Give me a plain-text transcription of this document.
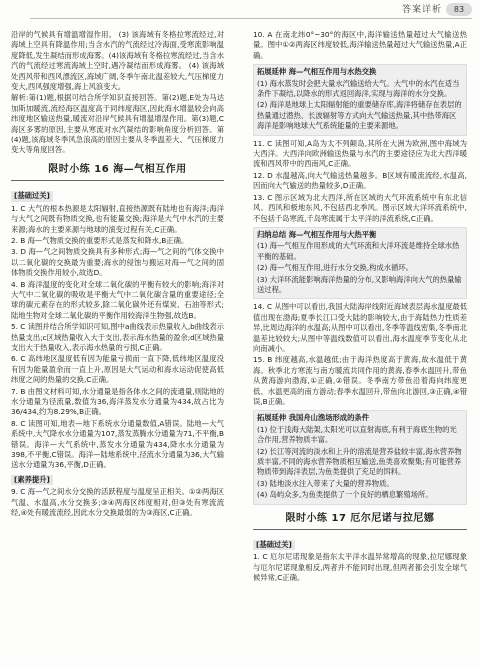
答案详析	83

沿岸的气候具有增温增湿作用。 (3) 该海域有冬格拉寒流经过,对海域上空具有降温作用;当含水汽的气流经过冷海面,受寒流影响温度降低,发生凝结而形成海雾。(4)该海域有冬格拉寒流经过,当含水汽的气流经过寒流海域上空时,遇冷凝结而形成海雾。 (4) 该海域处西风带和西风漂流区,海域广阔,冬季午南北温差较大,气压梯度力变大,西风强度增强,海上风浪变大。

解析:第(1)题,根据可结合所学知识直接回答。第(2)题,E处为马达加斯加暖流,流经海区温度高于同纬度海区,因此海水增温较会向高纬度地区输送热量,暖流对沿岸气候具有增温增湿作用。第(3)题,C海区多雾的原因,主要从寒流对水汽凝结的影响角度分析回答。第(4)题,该海域冬季风急浪高的原因主要从冬季温差大、气压梯度力变大等角度回答。

限时小练 16 海—气相互作用
[基础过关]

1. C 大气的根本热源是太阳辐射,直接热源既有陆地也有海洋;海洋与大气之间既有物质交换,也有能量交换;海洋是大气中水汽的主要来源;海水的主要来源与地球的演变过程有关,C正确。

2. B 海—气物质交换的重要形式是蒸发和降水,B正确。

3. D 海—气之间物质交换具有多种形式;海—气之间的气体交换中以二氧化碳的交换最为重要;海水的侵蚀与搬运对海—气之间的固体物质交换作用较小,故选D。

4. B 海洋温度的变化对全球二氧化碳的平衡有较大的影响;海洋对大气中二氧化碳的吸收是平衡大气中二氧化碳含量的重要途径;全球的碳元素存在的形式较多,除二氧化碳外还有煤炭、石油等形式;陆地生物对全球二氧化碳的平衡作用较海洋生物强,故选B。

5. C 读图并结合所学知识可知,图中a曲线表示热量收入,b曲线表示热量支出;c区域热量收入大于支出,表示海水热量的盈余;d区域热量支出大于热量收入,表示海水热量的亏损,C正确。

6. C 高纬地区温度低有因为能量亏损而一直下降,低纬地区温度没有因为能量盈余而一直上升,原因是大气运动和海水运动促使高低纬度之间的热量的交换,C正确。

7. B 由图文材料可知,水分通量是指各体水之间的流通量,则陆地的水分通量为径流量,数值为36,海洋蒸发水分通量为434,故占比为36/434,约为8.29%,B正确。

8. C 读图可知,地表—地下系统水分通量数值,A错误。陆地—大气系统中,大气降水水分通量为107,蒸发蒸腾水分通量为71,不平衡,B错误。海洋—大气系统中,蒸发水分通量为434,降水水分通量为398,不平衡,C错误。海洋—陆地系统中,径流水分通量为36,大气输送水分通量为36,平衡,D正确。

[素养提升]

9. C 海—气之间水分交换的活跃程度与温度呈正相关。①②两海区气温、水温高,水分交换多;③④两海区纬度相对,但③处有寒流流经,④处有暖流流经,因此水分交换最弱的为③海区,C正确。

10. A 在南北纬0°~30°的海区中,海洋输送热量超过大气输送热量。图中①②两海区纬度较低,海洋输送热量超过大气输送热量,A正确。

拓展延伸 海—气相互作用与水热交换
(1) 海水蒸发时会把大量水汽输送给大气。大气中的水汽在适当条件下凝结,以降水的形式返回海洋,实现与海洋的水分交换。
(2) 海洋是地球上太阳辐射能的重要储存库,海洋将储存在表层的热量通过潜热、长波辐射等方式向大气输送热量,其中热带海区海洋是影响地球大气系统能量的主要来源地。

11. C 读图可知,A岛为太不列颠岛,其所在大洲为欧洲,图中海域为大西洋。大西洋向欧洲输送热量与水汽的主要途径应为北大西洋暖流和西风带中的西南风,C正确。

12. D 水温越高,向大气输送热量越多。B区域有暖流流经,水温高,因而向大气输送的热量较多,D正确。

13. C 图示区域为北大西洋,所在区域的大气环流系统中有东北信风、西风和极地东风,不包括西北季风。图示区域大洋环流系统中,不包括千岛寒流,千岛寒流属于太平洋的洋流系统,C正确。

归纳总结 海—气相互作用与大热平衡
(1) 海—气相互作用形成的大气环流和大洋环流是维持全球水热平衡的基础。
(2) 海—气相互作用,进行水分交换,构成水循环。
(3) 大洋环流能影响海洋热量的分布,又影响海洋向大气的热量输送过程。

14. C 从图中可以看出,我国大陆海岸线附近海域表层海水温度最低值出现在渤海;夏季长江口受大陆的影响较大,由于海陆热力性质差异,比周边海洋的水温高;从图中可以看出,冬季等温线密集,冬季南北温差比较较大;从图中等温线数值可以看出,海水温度季节变化从北向南减小。

15. B 纬度越高,水温越低;由于海洋热度高于黄海,故水温低于黄海。秋季北方寒流与南方暖流共同作用的黄海,春季水温回升,带鱼从黄海游向渤海,①正确,②错误。冬季南方带鱼沿着海向纬度更低、水温更高的南方游动;春季水温回升,带鱼向北游回,③正确,④错误,B正确。

拓展延伸 我国舟山渔场形成的条件
(1) 位于浅海大陆架,太阳光可以直射海底,有利于海底生物的光合作用,营养物质丰富。
(2) 长江等河流的淡水和上升的溶流是营养盐较丰富,海水营养物质丰富,不同的海水营养物质相互输送,鱼类喜欢聚集;有可能营养物质带到海洋表层,为鱼类提供了充足的饵料。
(3) 陆地淡水注入带来了大量的营养物质。
(4) 岛屿众多,为鱼类提供了一个良好的栖息繁殖场所。
限时小练 17 厄尔尼诺与拉尼娜
[基础过关]

1. C 厄尔尼诺现象是指东太平洋水温异常增高的现象,拉尼娜现象与厄尔尼诺现象相反,两者并不能同时出现,但两者都会引发全球气候异常,C正确。
